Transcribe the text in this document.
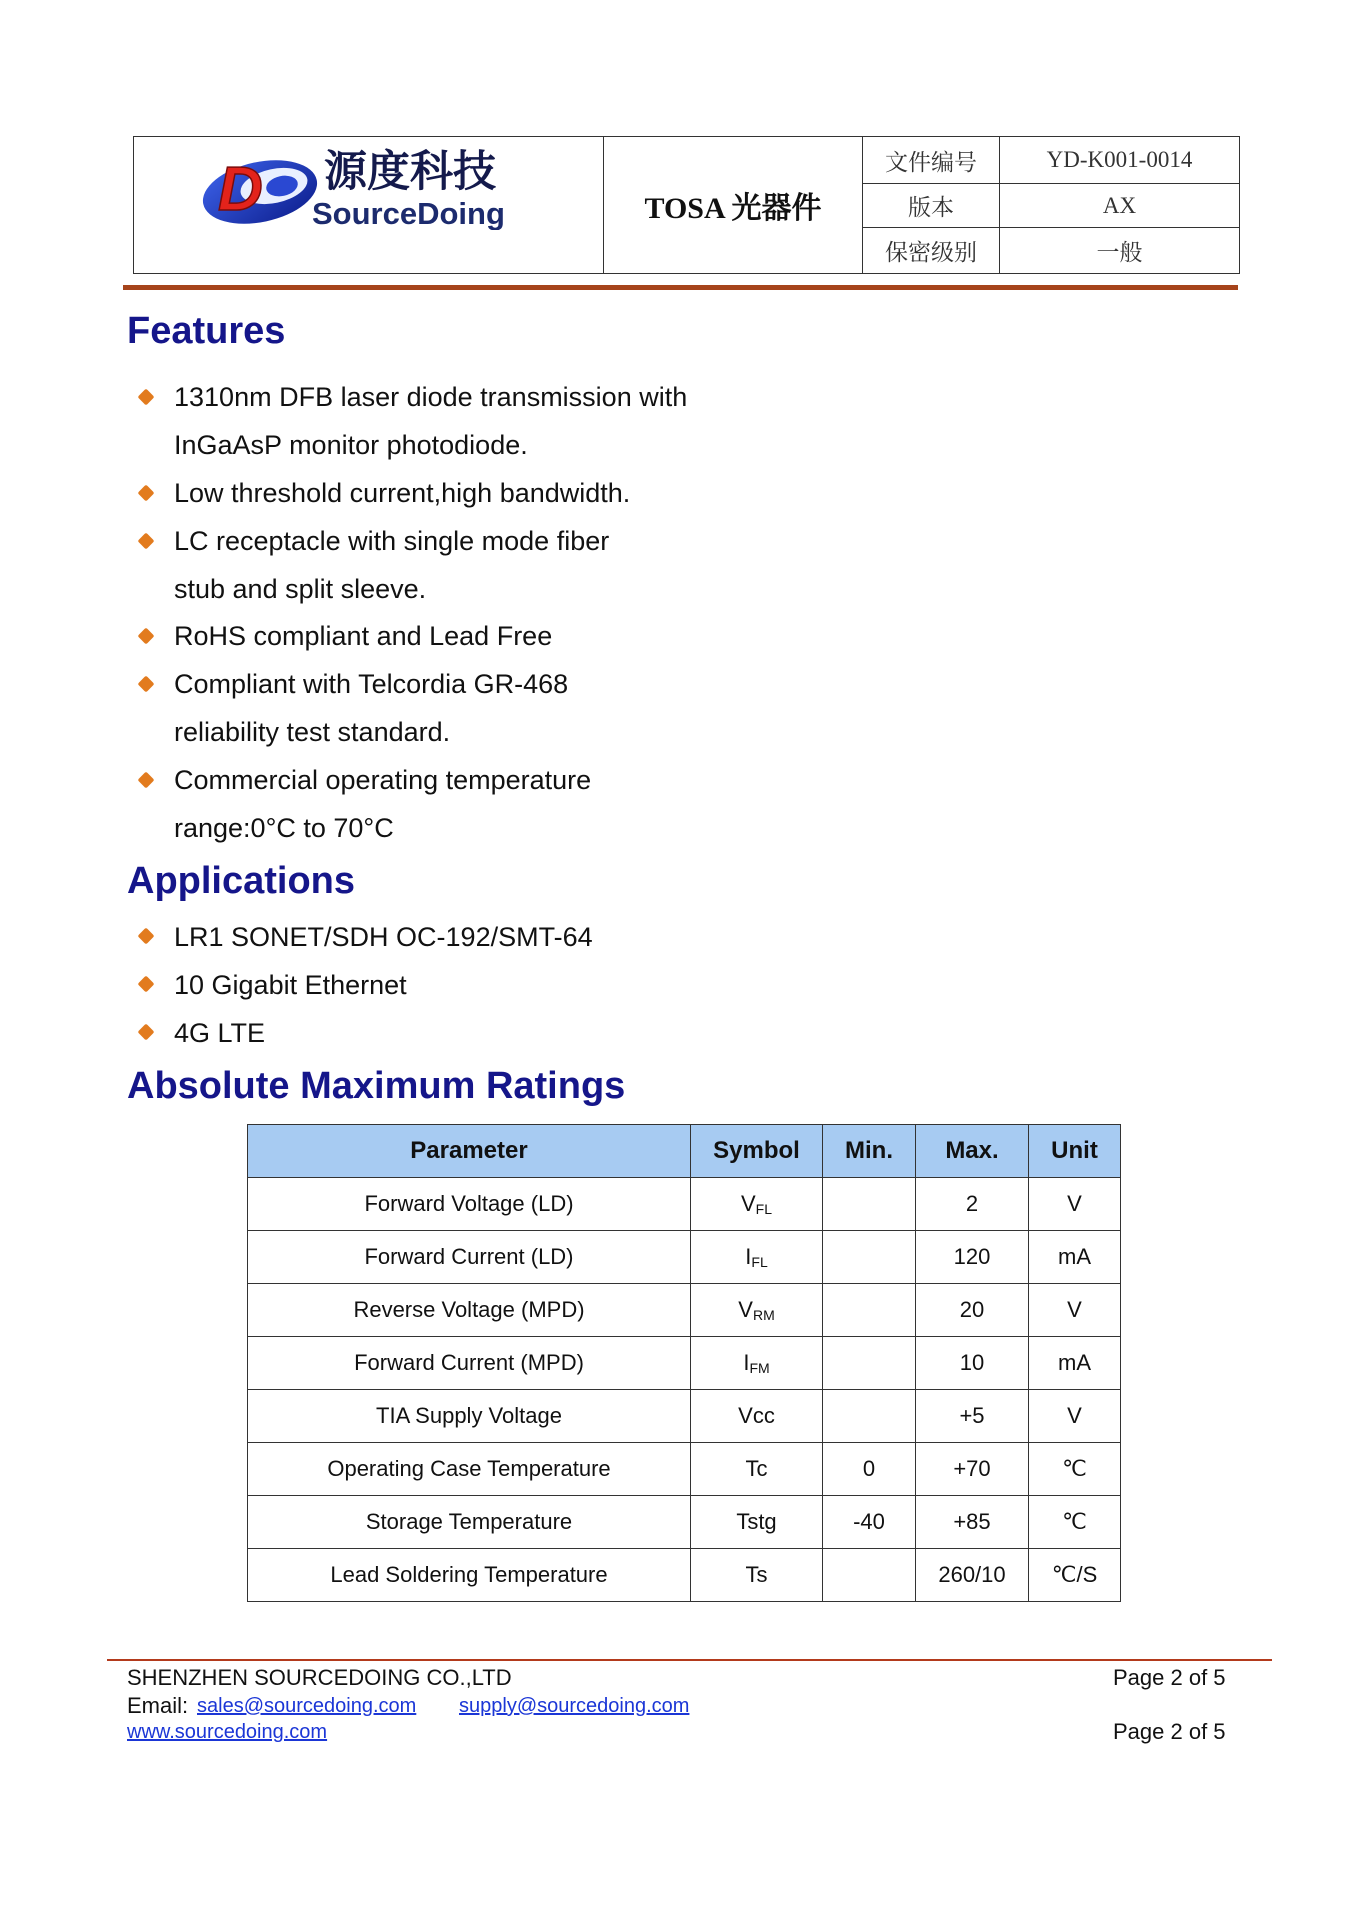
D 源度科技
SourceDoing	TOSA 光器件	文件编号	YD-K001-0014
		版本	AX
		保密级别	一般
Features
1310nm DFB laser diode transmission with
InGaAsP monitor photodiode.
Low threshold current,high bandwidth.
LC receptacle with single mode fiber
stub and split sleeve.
RoHS compliant and Lead Free
Compliant with Telcordia GR-468
reliability test standard.
Commercial operating temperature
range:0°C to 70°C
Applications
LR1 SONET/SDH OC-192/SMT-64
10 Gigabit Ethernet
4G LTE
Absolute Maximum Ratings
Parameter	Symbol	Min.	Max.	Unit
Forward Voltage (LD)	$V_{FL}$		2	V
Forward Current (LD)	$I_{FL}$		120	mA
Reverse Voltage (MPD)	$V_{RM}$		20	V
Forward Current (MPD)	$I_{FM}$		10	mA
TIA Supply Voltage	Vcc		+5	V
Operating Case Temperature	Tc	0	+70	℃
Storage Temperature	Tstg	-40	+85	℃
Lead Soldering Temperature	Ts		260/10	℃/S
SHENZHEN SOURCEDOING CO.,LTD	Page 2 of 5
Email: sales@sourcedoing.com supply@sourcedoing.com
www.sourcedoing.com	Page 2 of 5
